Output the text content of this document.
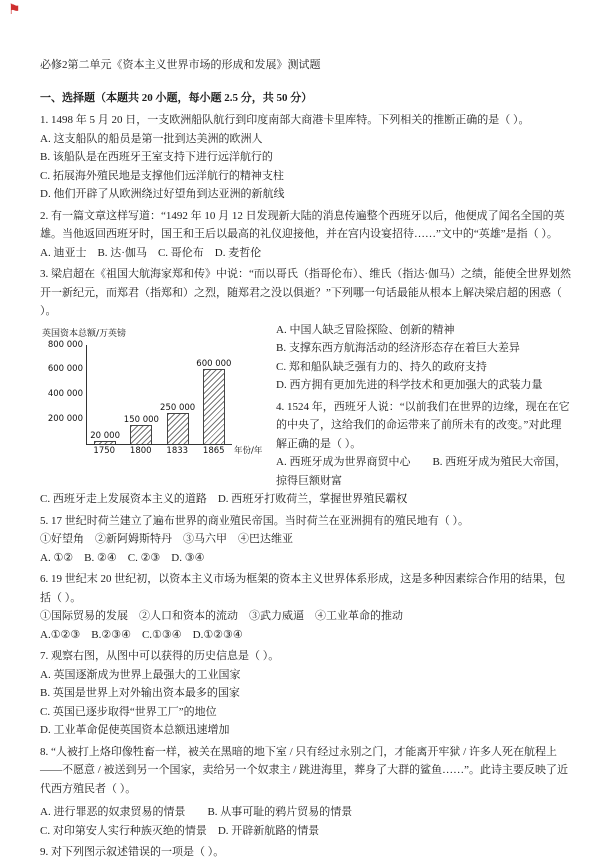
⚑

必修2第二单元《资本主义世界市场的形成和发展》测试题

一、选择题（本题共 20 小题，每小题 2.5 分，共 50 分）

1. 1498 年 5 月 20 日，一支欧洲船队航行到印度南部大商港卡里库特。下列相关的推断正确的是（ ）。

A. 这支船队的船员是第一批到达美洲的欧洲人

B. 该船队是在西班牙王室支持下进行远洋航行的

C. 拓展海外殖民地是支撑他们远洋航行的精神支柱

D. 他们开辟了从欧洲绕过好望角到达亚洲的新航线

2. 有一篇文章这样写道：“1492 年 10 月 12 日发现新大陆的消息传遍整个西班牙以后，他便成了闻名全国的英雄。当他返回西班牙时，国王和王后以最高的礼仪迎接他，并在宫内设宴招待……”文中的“英雄”是指（ ）。

A. 迪亚士　B. 达·伽马　C. 哥伦布　D. 麦哲伦

3. 梁启超在《祖国大航海家郑和传》中说：“而以哥氏（指哥伦布）、维氏（指达·伽马）之绩，能使全世界划然开一新纪元，而郑君（指郑和）之烈，随郑君之没以俱逝？”下列哪一句话最能从根本上解决梁启超的困惑（ ）。

英国资本总额/万英镑
200 000
400 000
600 000
800 000
20 000
150 000
250 000
600 000
年份/年
1750	1800	1833	1865

A. 中国人缺乏冒险探险、创新的精神

B. 支撑东西方航海活动的经济形态存在着巨大差异

C. 郑和船队缺乏强有力的、持久的政府支持

D. 西方拥有更加先进的科学技术和更加强大的武装力量

4. 1524 年，西班牙人说：“以前我们在世界的边缘，现在在它的中央了，这给我们的命运带来了前所未有的改变。”对此理解正确的是（ ）。

A. 西班牙成为世界商贸中心　　B. 西班牙成为殖民大帝国，掠得巨额财富

C. 西班牙走上发展资本主义的道路　D. 西班牙打败荷兰，掌握世界殖民霸权

5. 17 世纪时荷兰建立了遍布世界的商业殖民帝国。当时荷兰在亚洲拥有的殖民地有（ ）。

①好望角　②新阿姆斯特丹　③马六甲　④巴达维亚

A. ①②　B. ②④　C. ②③　D. ③④

6. 19 世纪末 20 世纪初，以资本主义市场为框架的资本主义世界体系形成，这是多种因素综合作用的结果，包括（ ）。

①国际贸易的发展　②人口和资本的流动　③武力威逼　④工业革命的推动

A.①②③　B.②③④　C.①③④　D.①②③④

7. 观察右图，从图中可以获得的历史信息是（ ）。

A. 英国逐渐成为世界上最强大的工业国家

B. 英国是世界上对外输出资本最多的国家

C. 英国已逐步取得“世界工厂”的地位

D. 工业革命促使英国资本总额迅速增加

8. “人被打上烙印像牲畜一样，被关在黑暗的地下室 / 只有经过永别之门，才能离开牢狱 / 许多人死在航程上——不愿意 / 被送到另一个国家，卖给另一个奴隶主 / 跳进海里，葬身了大群的鲨鱼……”。此诗主要反映了近代西方殖民者（ ）。

A. 进行罪恶的奴隶贸易的情景　　B. 从事可耻的鸦片贸易的情景

C. 对印第安人实行种族灭绝的情景　D. 开辟新航路的情景

9. 对下列图示叙述错误的一项是（ ）。
